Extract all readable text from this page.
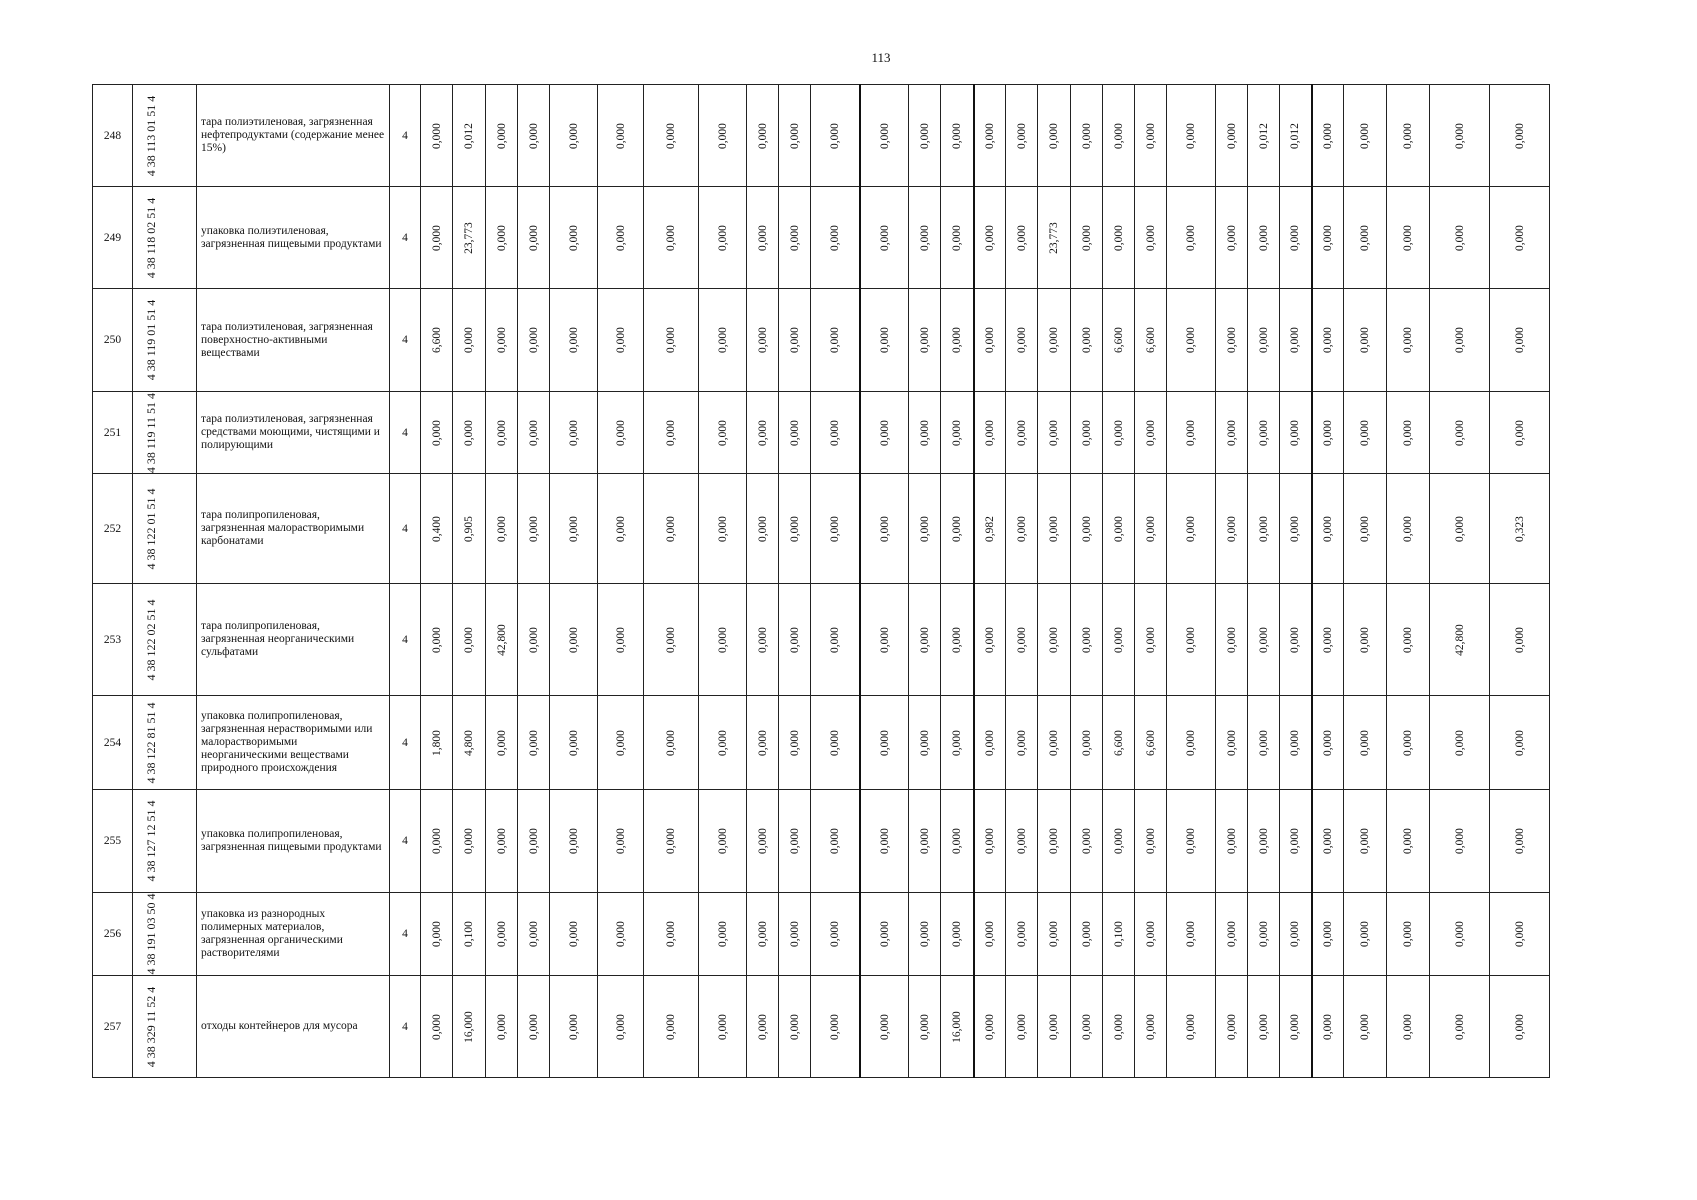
113
248	4 38 113 01 51 4	тара полиэтиленовая, загрязненная нефтепродуктами (содержание менее 15%)	4	0,000	0,012	0,000	0,000	0,000	0,000	0,000	0,000	0,000	0,000	0,000	0,000	0,000	0,000	0,000	0,000	0,000	0,000	0,000	0,000	0,000	0,000	0,012	0,012	0,000	0,000	0,000	0,000	0,000
249	4 38 118 02 51 4	упаковка полиэтиленовая, загрязненная пищевыми продуктами	4	0,000	23,773	0,000	0,000	0,000	0,000	0,000	0,000	0,000	0,000	0,000	0,000	0,000	0,000	0,000	0,000	23,773	0,000	0,000	0,000	0,000	0,000	0,000	0,000	0,000	0,000	0,000	0,000	0,000
250	4 38 119 01 51 4	тара полиэтиленовая, загрязненная поверхностно-активными веществами	4	6,600	0,000	0,000	0,000	0,000	0,000	0,000	0,000	0,000	0,000	0,000	0,000	0,000	0,000	0,000	0,000	0,000	0,000	6,600	6,600	0,000	0,000	0,000	0,000	0,000	0,000	0,000	0,000	0,000
251	4 38 119 11 51 4	тара полиэтиленовая, загрязненная средствами моющими, чистящими и полирующими	4	0,000	0,000	0,000	0,000	0,000	0,000	0,000	0,000	0,000	0,000	0,000	0,000	0,000	0,000	0,000	0,000	0,000	0,000	0,000	0,000	0,000	0,000	0,000	0,000	0,000	0,000	0,000	0,000	0,000
252	4 38 122 01 51 4	тара полипропиленовая, загрязненная малорастворимыми карбонатами	4	0,400	0,905	0,000	0,000	0,000	0,000	0,000	0,000	0,000	0,000	0,000	0,000	0,000	0,000	0,982	0,000	0,000	0,000	0,000	0,000	0,000	0,000	0,000	0,000	0,000	0,000	0,000	0,000	0,323
253	4 38 122 02 51 4	тара полипропиленовая, загрязненная неорганическими сульфатами	4	0,000	0,000	42,800	0,000	0,000	0,000	0,000	0,000	0,000	0,000	0,000	0,000	0,000	0,000	0,000	0,000	0,000	0,000	0,000	0,000	0,000	0,000	0,000	0,000	0,000	0,000	0,000	42,800	0,000
254	4 38 122 81 51 4	упаковка полипропиленовая, загрязненная нерастворимыми или малорастворимыми неорганическими веществами природного происхождения	4	1,800	4,800	0,000	0,000	0,000	0,000	0,000	0,000	0,000	0,000	0,000	0,000	0,000	0,000	0,000	0,000	0,000	0,000	6,600	6,600	0,000	0,000	0,000	0,000	0,000	0,000	0,000	0,000	0,000
255	4 38 127 12 51 4	упаковка полипропиленовая, загрязненная пищевыми продуктами	4	0,000	0,000	0,000	0,000	0,000	0,000	0,000	0,000	0,000	0,000	0,000	0,000	0,000	0,000	0,000	0,000	0,000	0,000	0,000	0,000	0,000	0,000	0,000	0,000	0,000	0,000	0,000	0,000	0,000
256	4 38 191 03 50 4	упаковка из разнородных полимерных материалов, загрязненная органическими растворителями	4	0,000	0,100	0,000	0,000	0,000	0,000	0,000	0,000	0,000	0,000	0,000	0,000	0,000	0,000	0,000	0,000	0,000	0,000	0,100	0,000	0,000	0,000	0,000	0,000	0,000	0,000	0,000	0,000	0,000
257	4 38 329 11 52 4	отходы контейнеров для мусора	4	0,000	16,000	0,000	0,000	0,000	0,000	0,000	0,000	0,000	0,000	0,000	0,000	0,000	16,000	0,000	0,000	0,000	0,000	0,000	0,000	0,000	0,000	0,000	0,000	0,000	0,000	0,000	0,000	0,000
